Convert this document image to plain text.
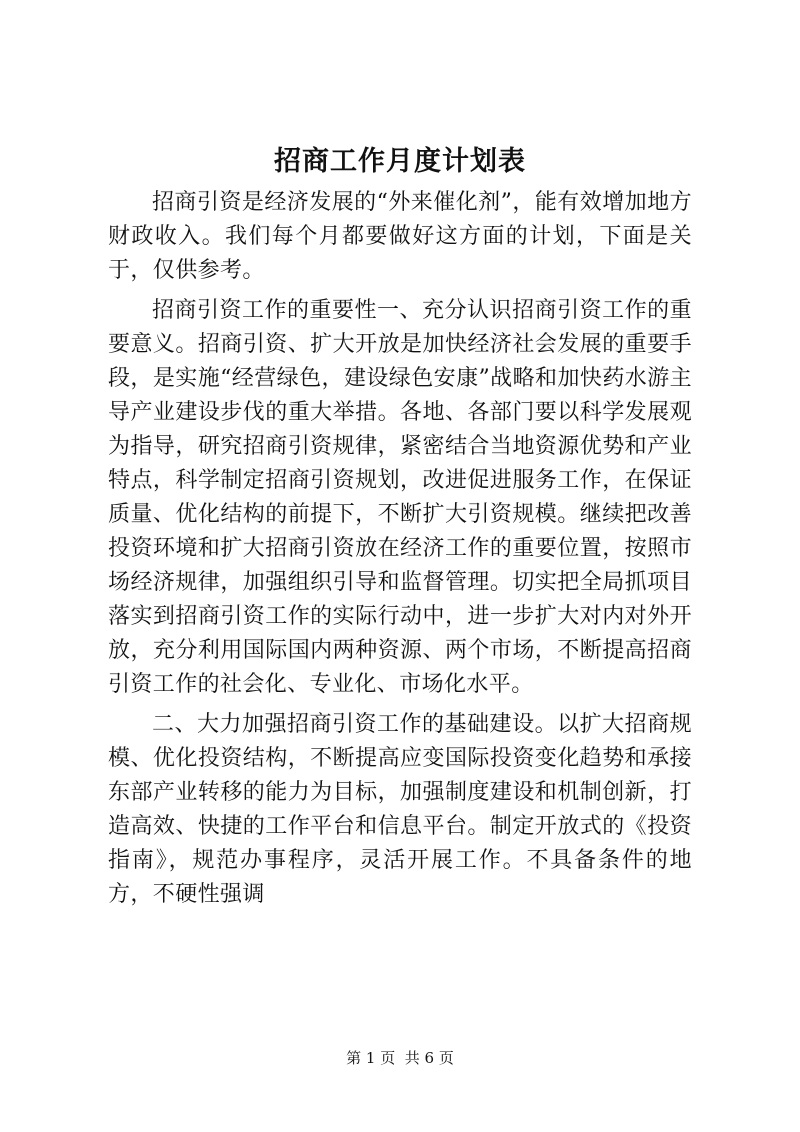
招商工作月度计划表

招商引资是经济发展的“外来催化剂”，能有效增加地方财政收入。我们每个月都要做好这方面的计划，下面是关于，仅供参考。

招商引资工作的重要性一、充分认识招商引资工作的重要意义。招商引资、扩大开放是加快经济社会发展的重要手段，是实施“经营绿色，建设绿色安康”战略和加快药水游主导产业建设步伐的重大举措。各地、各部门要以科学发展观为指导，研究招商引资规律，紧密结合当地资源优势和产业特点，科学制定招商引资规划，改进促进服务工作，在保证质量、优化结构的前提下，不断扩大引资规模。继续把改善投资环境和扩大招商引资放在经济工作的重要位置，按照市场经济规律，加强组织引导和监督管理。切实把全局抓项目落实到招商引资工作的实际行动中，进一步扩大对内对外开放，充分利用国际国内两种资源、两个市场，不断提高招商引资工作的社会化、专业化、市场化水平。

二、大力加强招商引资工作的基础建设。以扩大招商规模、优化投资结构，不断提高应变国际投资变化趋势和承接东部产业转移的能力为目标，加强制度建设和机制创新，打造高效、快捷的工作平台和信息平台。制定开放式的《投资指南》，规范办事程序，灵活开展工作。不具备条件的地方，不硬性强调

第 1 页 共 6 页
